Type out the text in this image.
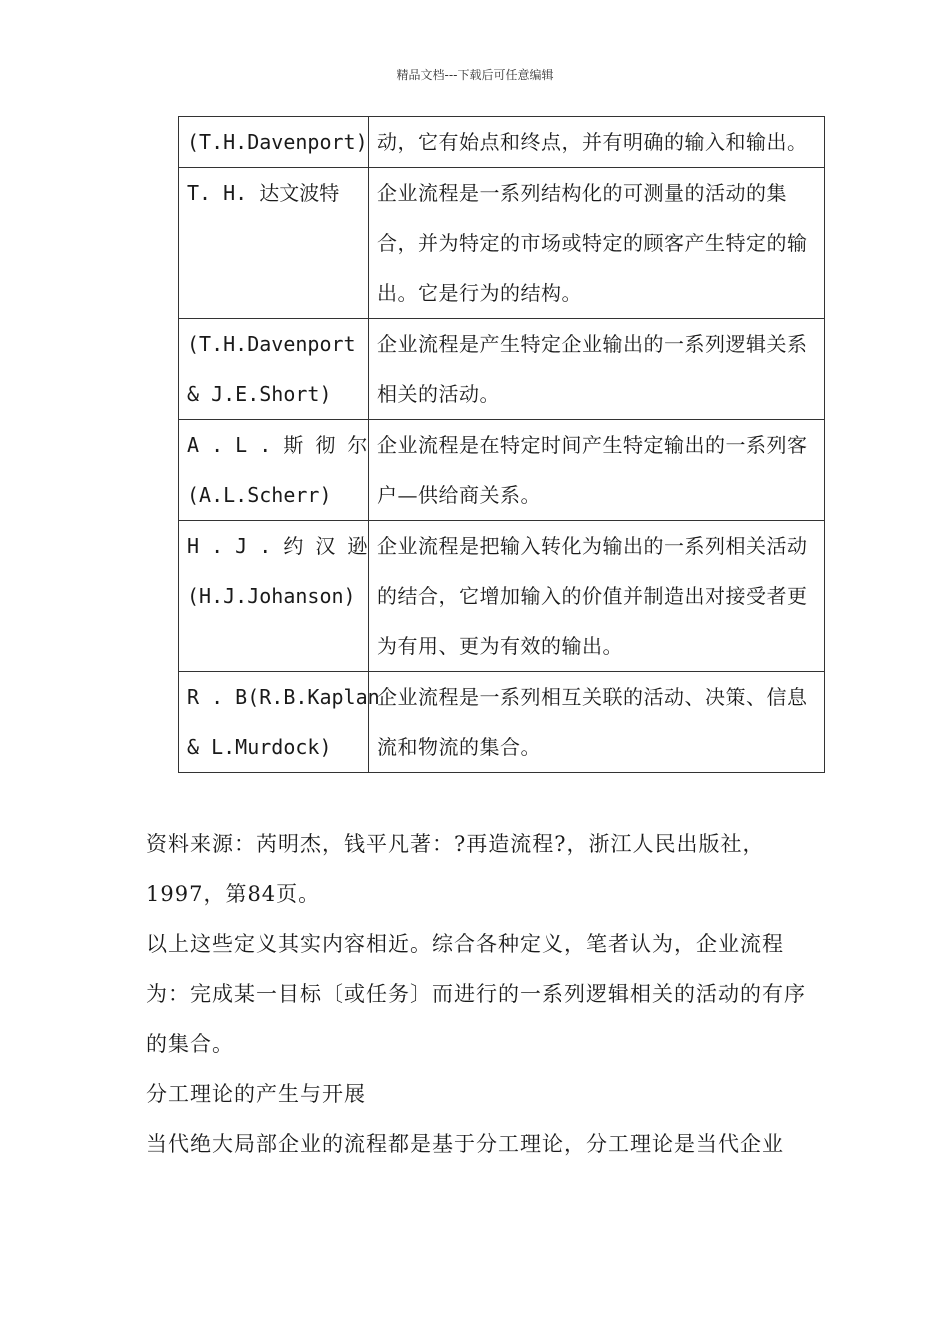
精品文档---下载后可任意编辑
(T.H.Davenport)	动，它有始点和终点，并有明确的输入和输出。

T. H. 达文波特	企业流程是一系列结构化的可测量的活动的集合，并为特定的市场或特定的顾客产生特定的输出。它是行为的结构。

(T.H.Davenport
& J.E.Short)	企业流程是产生特定企业输出的一系列逻辑关系相关的活动。

A . L . 斯 彻 尔
(A.L.Scherr)	企业流程是在特定时间产生特定输出的一系列客户—供给商关系。

H . J . 约 汉 逊
(H.J.Johanson)	企业流程是把输入转化为输出的一系列相关活动的结合，它增加输入的价值并制造出对接受者更为有用、更为有效的输出。

R . B(R.B.Kaplan
& L.Murdock)	企业流程是一系列相互关联的活动、决策、信息流和物流的集合。

资料来源：芮明杰，钱平凡著：?再造流程?，浙江人民出版社，1997，第84页。

以上这些定义其实内容相近。综合各种定义，笔者认为，企业流程为：完成某一目标〔或任务〕而进行的一系列逻辑相关的活动的有序的集合。

分工理论的产生与开展

当代绝大局部企业的流程都是基于分工理论，分工理论是当代企业
